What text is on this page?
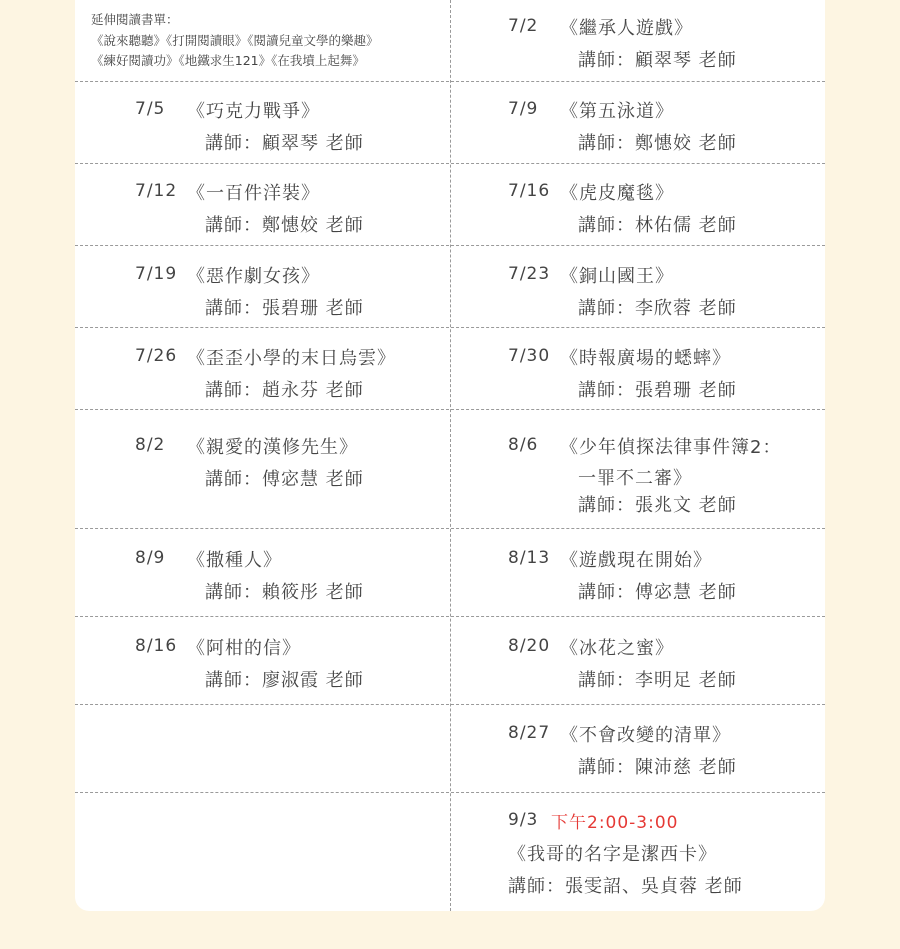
延伸閱讀書單：
《說來聽聽》《打開閱讀眼》《閱讀兒童文學的樂趣》
《練好閱讀功》《地鐵求生121》《在我墳上起舞》
7/2 《繼承人遊戲》
講師：顧翠琴 老師
7/5 《巧克力戰爭》
講師：顧翠琴 老師
7/9 《第五泳道》
講師：鄭憓姣 老師
7/12 《一百件洋裝》
講師：鄭憓姣 老師
7/16 《虎皮魔毯》
講師：林佑儒 老師
7/19 《惡作劇女孩》
講師：張碧珊 老師
7/23 《銅山國王》
講師：李欣蓉 老師
7/26 《歪歪小學的末日烏雲》
講師：趙永芬 老師
7/30 《時報廣場的蟋蟀》
講師：張碧珊 老師
8/2 《親愛的漢修先生》
講師：傅宓慧 老師
8/6 《少年偵探法律事件簿2：
一罪不二審》
講師：張兆文 老師
8/9 《撒種人》
講師：賴筱彤 老師
8/13 《遊戲現在開始》
講師：傅宓慧 老師
8/16 《阿柑的信》
講師：廖淑霞 老師
8/20 《冰花之蜜》
講師：李明足 老師
8/27 《不會改變的清單》
講師：陳沛慈 老師
9/3 下午2:00-3:00
《我哥的名字是潔西卡》
講師：張雯詔、吳貞蓉 老師
